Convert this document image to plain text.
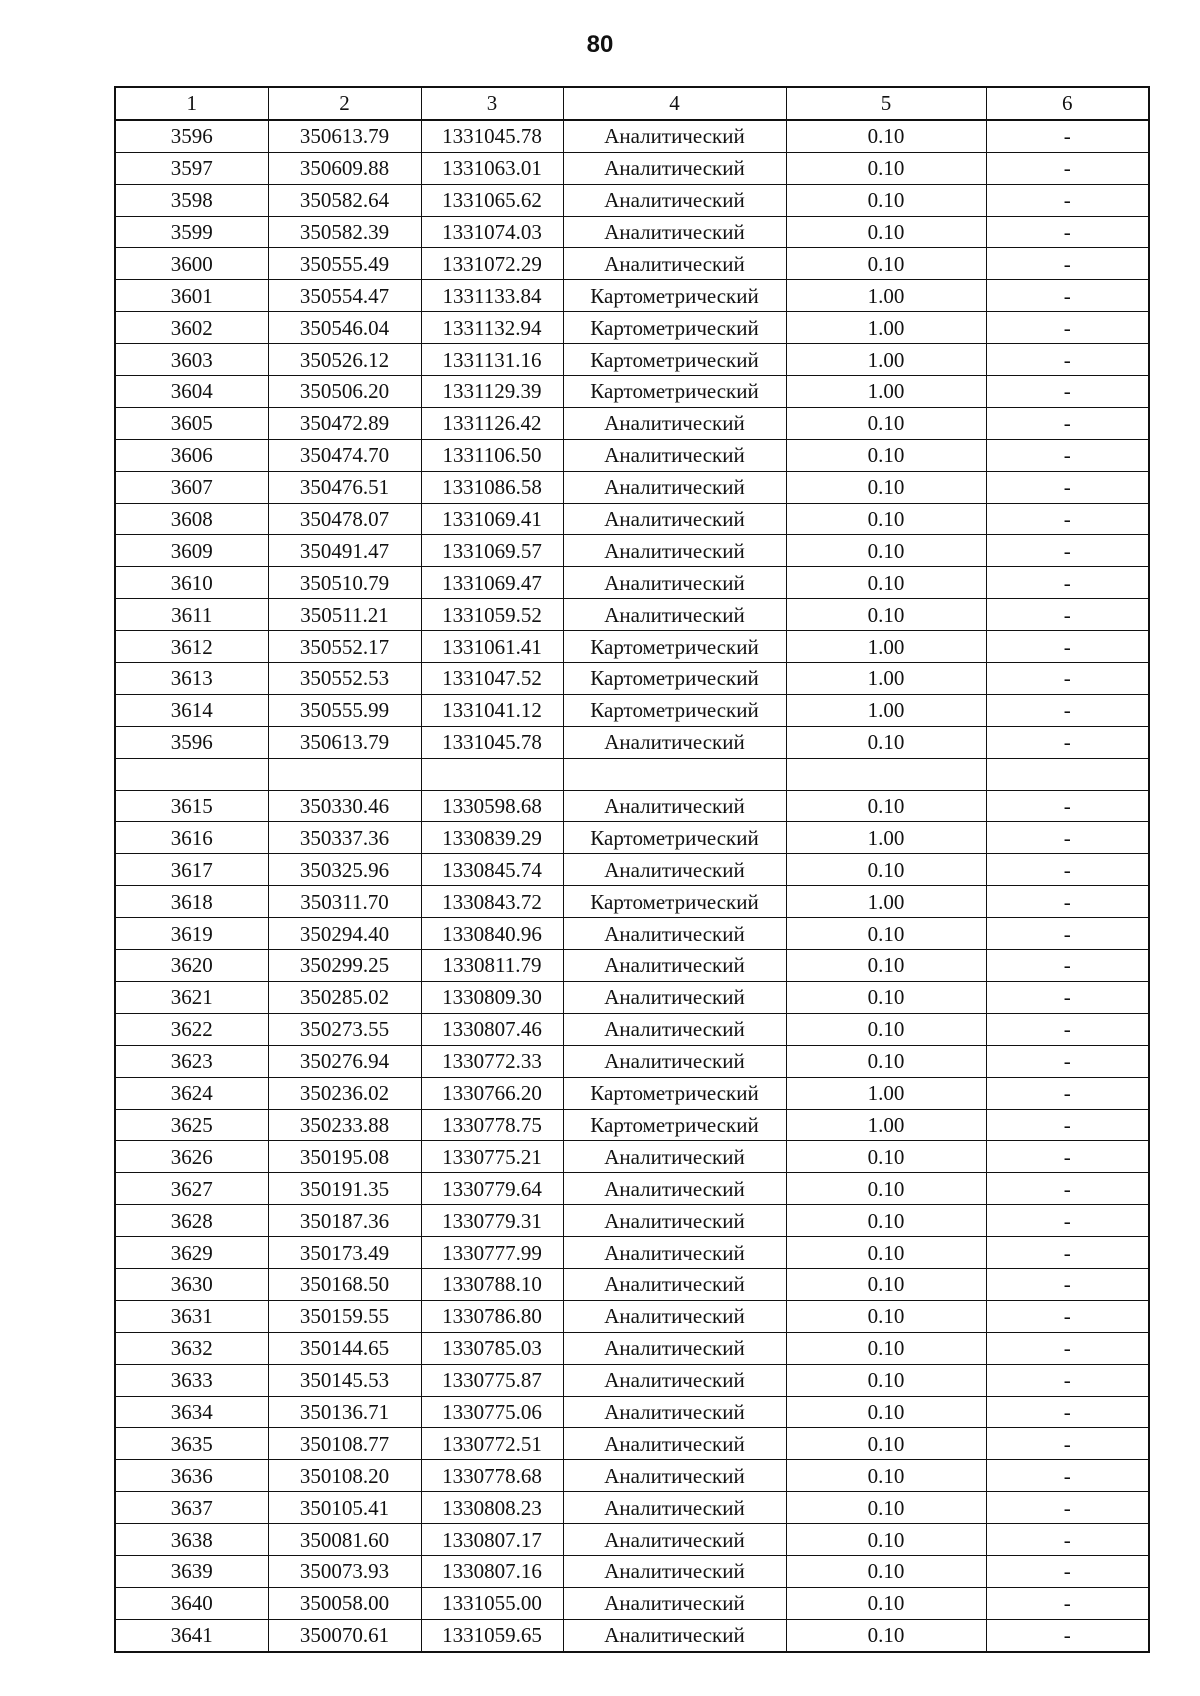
80
1	2	3	4	5	6
3596	350613.79	1331045.78	Аналитический	0.10	-
3597	350609.88	1331063.01	Аналитический	0.10	-
3598	350582.64	1331065.62	Аналитический	0.10	-
3599	350582.39	1331074.03	Аналитический	0.10	-
3600	350555.49	1331072.29	Аналитический	0.10	-
3601	350554.47	1331133.84	Картометрический	1.00	-
3602	350546.04	1331132.94	Картометрический	1.00	-
3603	350526.12	1331131.16	Картометрический	1.00	-
3604	350506.20	1331129.39	Картометрический	1.00	-
3605	350472.89	1331126.42	Аналитический	0.10	-
3606	350474.70	1331106.50	Аналитический	0.10	-
3607	350476.51	1331086.58	Аналитический	0.10	-
3608	350478.07	1331069.41	Аналитический	0.10	-
3609	350491.47	1331069.57	Аналитический	0.10	-
3610	350510.79	1331069.47	Аналитический	0.10	-
3611	350511.21	1331059.52	Аналитический	0.10	-
3612	350552.17	1331061.41	Картометрический	1.00	-
3613	350552.53	1331047.52	Картометрический	1.00	-
3614	350555.99	1331041.12	Картометрический	1.00	-
3596	350613.79	1331045.78	Аналитический	0.10	-

3615	350330.46	1330598.68	Аналитический	0.10	-
3616	350337.36	1330839.29	Картометрический	1.00	-
3617	350325.96	1330845.74	Аналитический	0.10	-
3618	350311.70	1330843.72	Картометрический	1.00	-
3619	350294.40	1330840.96	Аналитический	0.10	-
3620	350299.25	1330811.79	Аналитический	0.10	-
3621	350285.02	1330809.30	Аналитический	0.10	-
3622	350273.55	1330807.46	Аналитический	0.10	-
3623	350276.94	1330772.33	Аналитический	0.10	-
3624	350236.02	1330766.20	Картометрический	1.00	-
3625	350233.88	1330778.75	Картометрический	1.00	-
3626	350195.08	1330775.21	Аналитический	0.10	-
3627	350191.35	1330779.64	Аналитический	0.10	-
3628	350187.36	1330779.31	Аналитический	0.10	-
3629	350173.49	1330777.99	Аналитический	0.10	-
3630	350168.50	1330788.10	Аналитический	0.10	-
3631	350159.55	1330786.80	Аналитический	0.10	-
3632	350144.65	1330785.03	Аналитический	0.10	-
3633	350145.53	1330775.87	Аналитический	0.10	-
3634	350136.71	1330775.06	Аналитический	0.10	-
3635	350108.77	1330772.51	Аналитический	0.10	-
3636	350108.20	1330778.68	Аналитический	0.10	-
3637	350105.41	1330808.23	Аналитический	0.10	-
3638	350081.60	1330807.17	Аналитический	0.10	-
3639	350073.93	1330807.16	Аналитический	0.10	-
3640	350058.00	1331055.00	Аналитический	0.10	-
3641	350070.61	1331059.65	Аналитический	0.10	-
